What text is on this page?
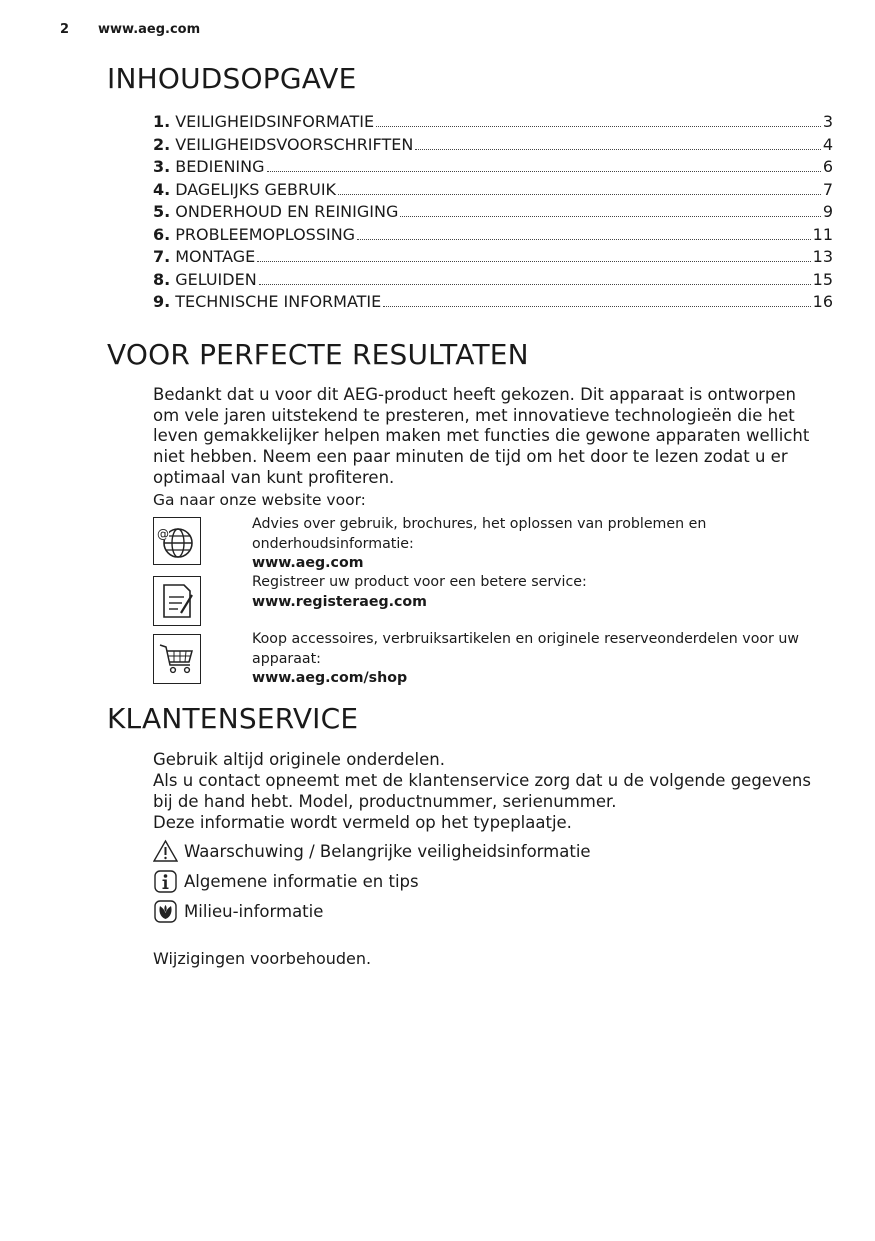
2 www.aeg.com
INHOUDSOPGAVE
1. VEILIGHEIDSINFORMATIE	3
2. VEILIGHEIDSVOORSCHRIFTEN	4
3. BEDIENING	6
4. DAGELIJKS GEBRUIK	7
5. ONDERHOUD EN REINIGING	9
6. PROBLEEMOPLOSSING	11
7. MONTAGE	13
8. GELUIDEN	15
9. TECHNISCHE INFORMATIE	16
VOOR PERFECTE RESULTATEN

Bedankt dat u voor dit AEG-product heeft gekozen. Dit apparaat is ontworpen

om vele jaren uitstekend te presteren, met innovatieve technologieën die het

leven gemakkelijker helpen maken met functies die gewone apparaten wellicht

niet hebben. Neem een paar minuten de tijd om het door te lezen zodat u er

optimaal van kunt profiteren.

Ga naar onze website voor:

@
Advies over gebruik, brochures, het oplossen van problemen en
onderhoudsinformatie:
www.aeg.com
Registreer uw product voor een betere service:
www.registeraeg.com
Koop accessoires, verbruiksartikelen en originele reserveonderdelen voor uw
apparaat:
www.aeg.com/shop
KLANTENSERVICE

Gebruik altijd originele onderdelen.

Als u contact opneemt met de klantenservice zorg dat u de volgende gegevens

bij de hand hebt. Model, productnummer, serienummer.

Deze informatie wordt vermeld op het typeplaatje.

Waarschuwing / Belangrijke veiligheidsinformatie
Algemene informatie en tips
Milieu-informatie
Wijzigingen voorbehouden.
